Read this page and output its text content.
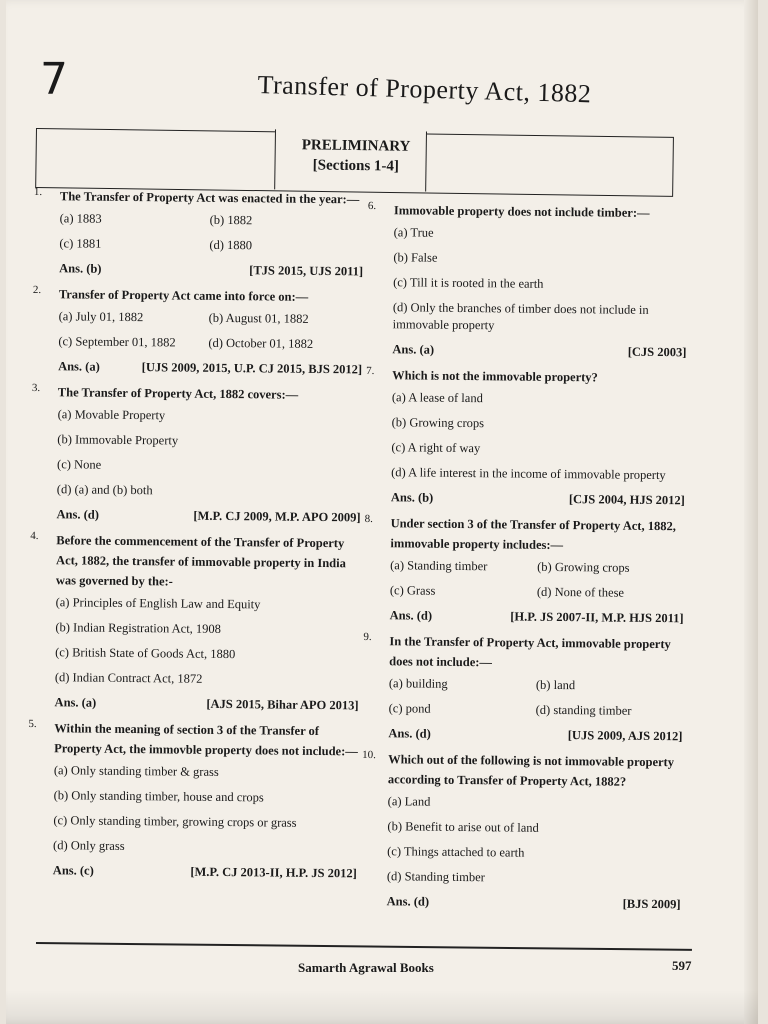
7	Transfer of Property Act, 1882
PRELIMINARY
[Sections 1-4]
1.	The Transfer of Property Act was enacted in the year:—
(a) 1883	(b) 1882
(c) 1881	(d) 1880
Ans. (b)	[TJS 2015, UJS 2011]
2.	Transfer of Property Act came into force on:—
(a) July 01, 1882	(b) August 01, 1882
(c) September 01, 1882	(d) October 01, 1882
Ans. (a)	[UJS 2009, 2015, U.P. CJ 2015, BJS 2012]
3.	The Transfer of Property Act, 1882 covers:—
(a) Movable Property
(b) Immovable Property
(c) None
(d) (a) and (b) both
Ans. (d)	[M.P. CJ 2009, M.P. APO 2009]
4.	Before the commencement of the Transfer of Property Act, 1882, the transfer of immovable property in India was governed by the:-
(a) Principles of English Law and Equity
(b) Indian Registration Act, 1908
(c) British State of Goods Act, 1880
(d) Indian Contract Act, 1872
Ans. (a)	[AJS 2015, Bihar APO 2013]
5.	Within the meaning of section 3 of the Transfer of Property Act, the immovble property does not include:—
(a) Only standing timber & grass
(b) Only standing timber, house and crops
(c) Only standing timber, growing crops or grass
(d) Only grass
Ans. (c)	[M.P. CJ 2013-II, H.P. JS 2012]
6.	Immovable property does not include timber:—
(a) True
(b) False
(c) Till it is rooted in the earth
(d) Only the branches of timber does not include in immovable property
Ans. (a)	[CJS 2003]
7.	Which is not the immovable property?
(a) A lease of land
(b) Growing crops
(c) A right of way
(d) A life interest in the income of immovable property
Ans. (b)	[CJS 2004, HJS 2012]
8.	Under section 3 of the Transfer of Property Act, 1882, immovable property includes:—
(a) Standing timber	(b) Growing crops
(c) Grass	(d) None of these
Ans. (d)	[H.P. JS 2007-II, M.P. HJS 2011]
9.	In the Transfer of Property Act, immovable property does not include:—
(a) building	(b) land
(c) pond	(d) standing timber
Ans. (d)	[UJS 2009, AJS 2012]
10. Which out of the following is not immovable property according to Transfer of Property Act, 1882?
(a) Land
(b) Benefit to arise out of land
(c) Things attached to earth
(d) Standing timber
Ans. (d)	[BJS 2009]
Samarth Agrawal Books	597
